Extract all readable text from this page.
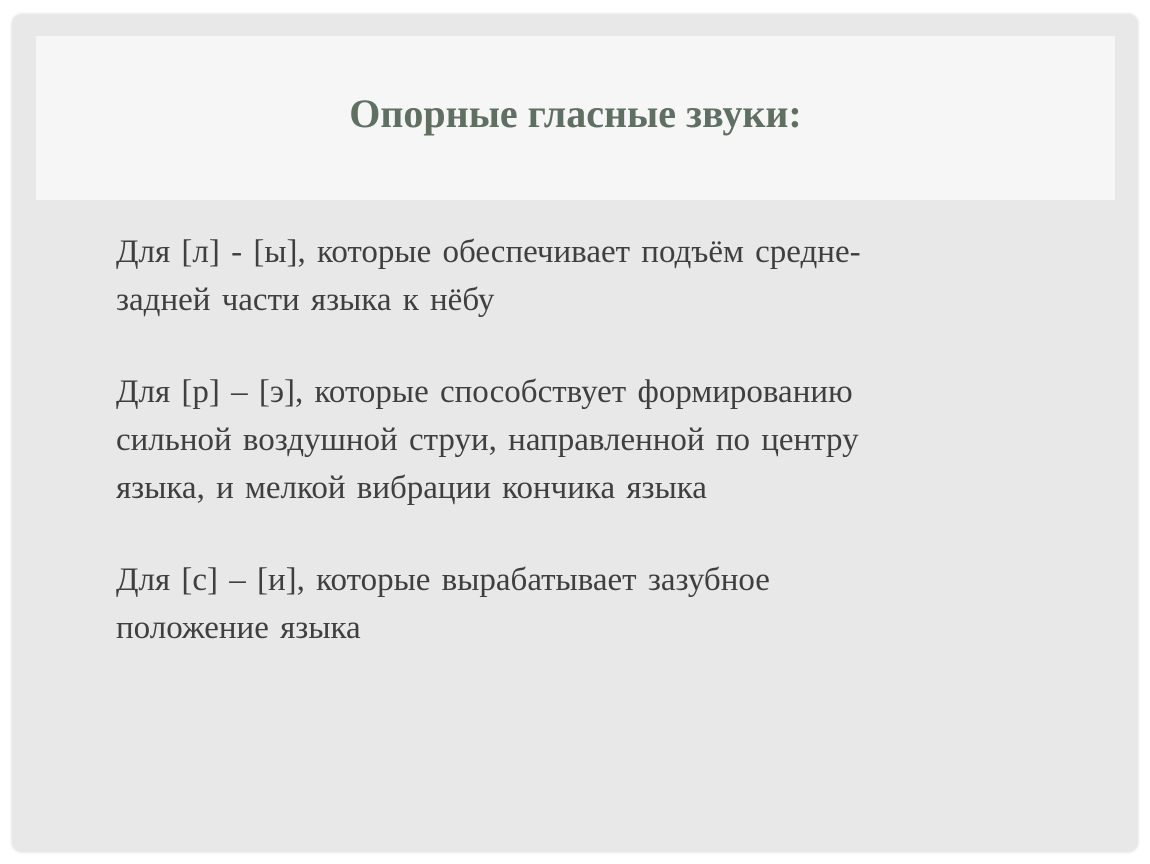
Опорные гласные звуки:

Для [л] - [ы], которые обеспечивает подъём средне-
задней части языка к нёбу

Для [р] – [э], которые способствует формированию
сильной воздушной струи, направленной по центру
языка, и мелкой вибрации кончика языка

Для [с] – [и], которые вырабатывает зазубное
положение языка
